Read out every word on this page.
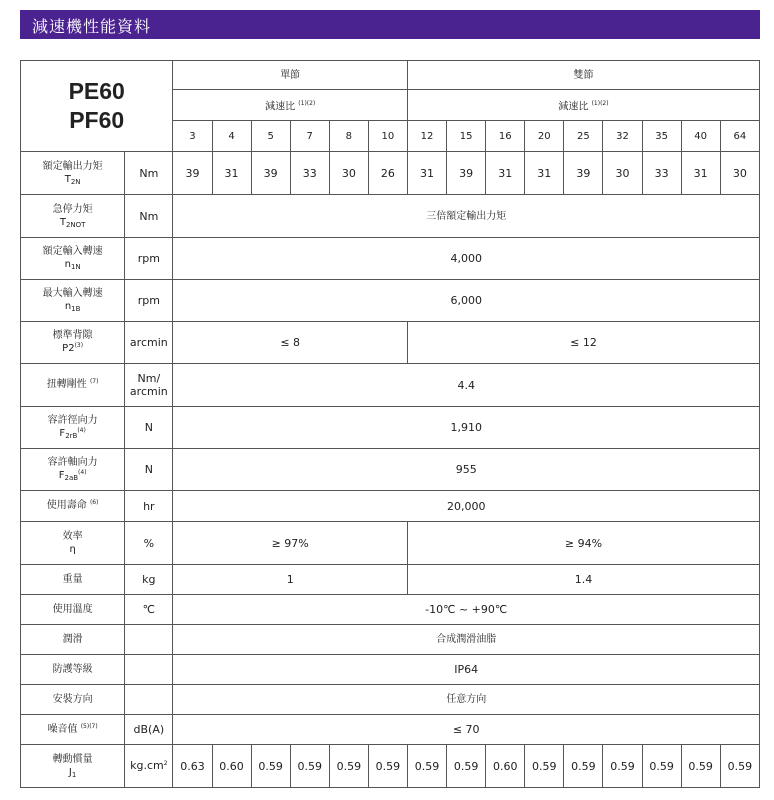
減速機性能資料
PE60
PF60		單節						雙節								
		減速比 $^{(1)(2)}$						減速比 $^{(1)(2)}$
		3	4	5	7	8	10	12	15	16	20	25	32	35	40	64

額定輸出力矩
$T_{2N}$	Nm	39	31	39	33	30	26	31	39	31	31	39	30	33	31	30

急停力矩
$T_{2NOT}$	Nm	三倍額定輸出力矩														

額定輸入轉速
$n_{1N}$	rpm	4,000														

最大輸入轉速
$n_{1B}$	rpm	6,000														

標準背隙
P2$^{(3)}$	arcmin	≤ 8						≤ 12								
扭轉剛性 $^{(7)}$	Nm/
arcmin	4.4														

容許徑向力
$F_{2rB}^{(4)}$	N	1,910														

容許軸向力
$F_{2aB}^{(4)}$	N	955														
使用壽命 $^{(6)}$	hr	20,000														

效率
η	%	≥ 97%						≥ 94%								
重量	kg	1						1.4								
使用溫度	℃	-10℃ ~ +90℃														
潤滑		合成潤滑油脂														
防護等級		IP64														
安裝方向		任意方向														
噪音值 $^{(5)(7)}$	dB(A)	≤ 70														

轉動慣量
$J_1$	$kg.cm^2$	0.63	0.60	0.59	0.59	0.59	0.59	0.59	0.59	0.60	0.59	0.59	0.59	0.59	0.59	0.59
